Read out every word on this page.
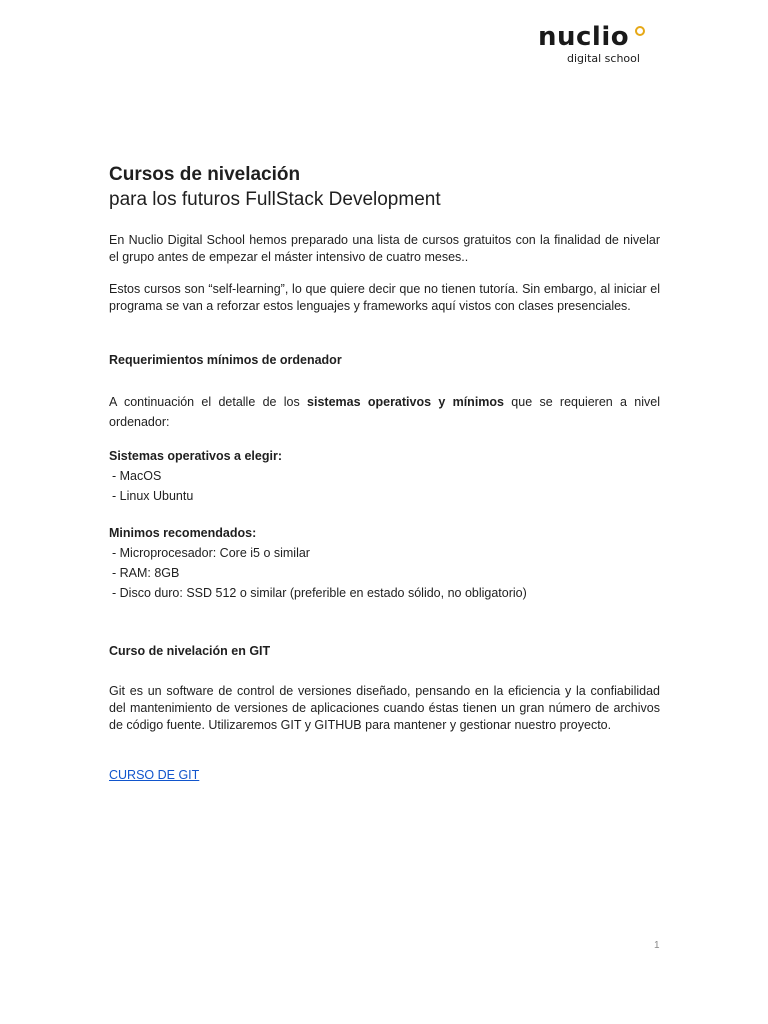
nuclio
digital school
Cursos de nivelación
para los futuros FullStack Development

En Nuclio Digital School hemos preparado una lista de cursos gratuitos con la finalidad de nivelar el grupo antes de empezar el máster intensivo de cuatro meses..

Estos cursos son “self-learning”, lo que quiere decir que no tienen tutoría. Sin embargo, al iniciar el programa se van a reforzar estos lenguajes y frameworks aquí vistos con clases presenciales.

Requerimientos mínimos de ordenador

A continuación el detalle de los sistemas operativos y mínimos que se requieren a nivel ordenador:

Sistemas operativos a elegir:

- MacOS
- Linux Ubuntu

Minimos recomendados:

- Microprocesador: Core i5 o similar
- RAM: 8GB
- Disco duro: SSD 512 o similar (preferible en estado sólido, no obligatorio)

Curso de nivelación en GIT

Git es un software de control de versiones diseñado, pensando en la eficiencia y la confiabilidad del mantenimiento de versiones de aplicaciones cuando éstas tienen un gran número de archivos de código fuente. Utilizaremos GIT y GITHUB para mantener y gestionar nuestro proyecto.

CURSO DE GIT
1
